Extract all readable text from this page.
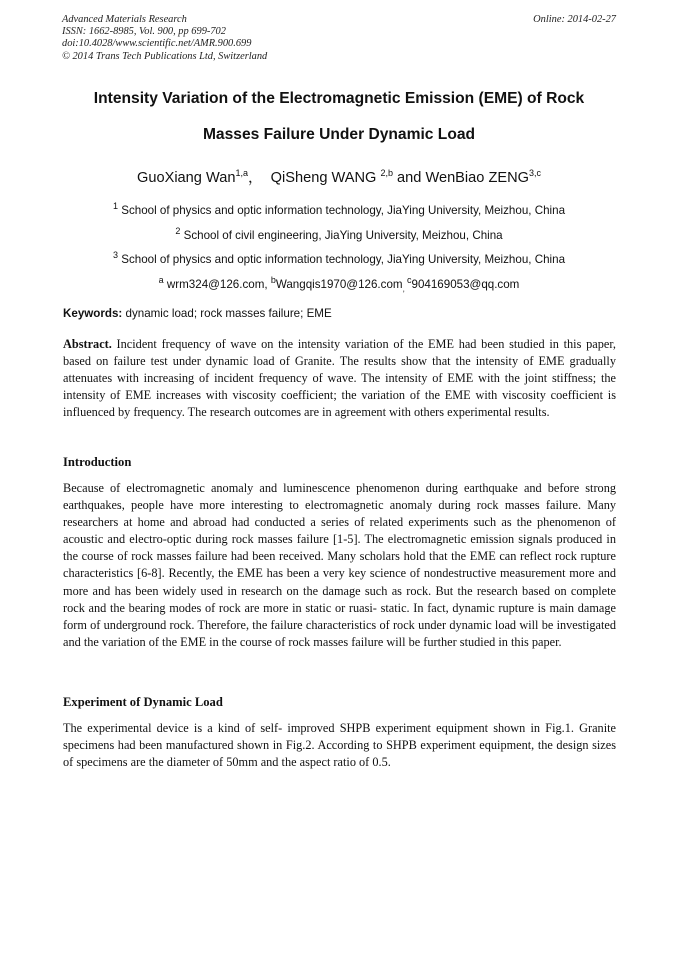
Advanced Materials Research
ISSN: 1662-8985, Vol. 900, pp 699-702
doi:10.4028/www.scientific.net/AMR.900.699
© 2014 Trans Tech Publications Ltd, Switzerland
Online: 2014-02-27
Intensity Variation of the Electromagnetic Emission (EME) of Rock
Masses Failure Under Dynamic Load
GuoXiang Wan$^{1,a}$， QiSheng WANG $^{2,b}$ and WenBiao ZENG$^{3,c}$
$^1$ School of physics and optic information technology, JiaYing University, Meizhou, China
$^2$ School of civil engineering, JiaYing University, Meizhou, China
$^3$ School of physics and optic information technology, JiaYing University, Meizhou, China
$^a$ wrm324@126.com, $^b$Wangqis1970@126.com$_,$ $^c$904169053@qq.com
Keywords: dynamic load; rock masses failure; EME
Abstract. Incident frequency of wave on the intensity variation of the EME had been studied in this paper, based on failure test under dynamic load of Granite. The results show that the intensity of EME gradually attenuates with increasing of incident frequency of wave. The intensity of EME with the joint stiffness; the intensity of EME increases with viscosity coefficient; the variation of the EME with viscosity coefficient is influenced by frequency. The research outcomes are in agreement with others experimental results.
Introduction
Because of electromagnetic anomaly and luminescence phenomenon during earthquake and before strong earthquakes, people have more interesting to electromagnetic anomaly during rock masses failure. Many researchers at home and abroad had conducted a series of related experiments such as the phenomenon of acoustic and electro-optic during rock masses failure [1-5]. The electromagnetic emission signals produced in the course of rock masses failure had been received. Many scholars hold that the EME can reflect rock rupture characteristics [6-8]. Recently, the EME has been a very key science of nondestructive measurement more and more and has been widely used in research on the damage such as rock. But the research based on complete rock and the bearing modes of rock are more in static or ruasi- static. In fact, dynamic rupture is main damage form of underground rock. Therefore, the failure characteristics of rock under dynamic load will be investigated and the variation of the EME in the course of rock masses failure will be further studied in this paper.
Experiment of Dynamic Load
The experimental device is a kind of self- improved SHPB experiment equipment shown in Fig.1. Granite specimens had been manufactured shown in Fig.2. According to SHPB experiment equipment, the design sizes of specimens are the diameter of 50mm and the aspect ratio of 0.5.
